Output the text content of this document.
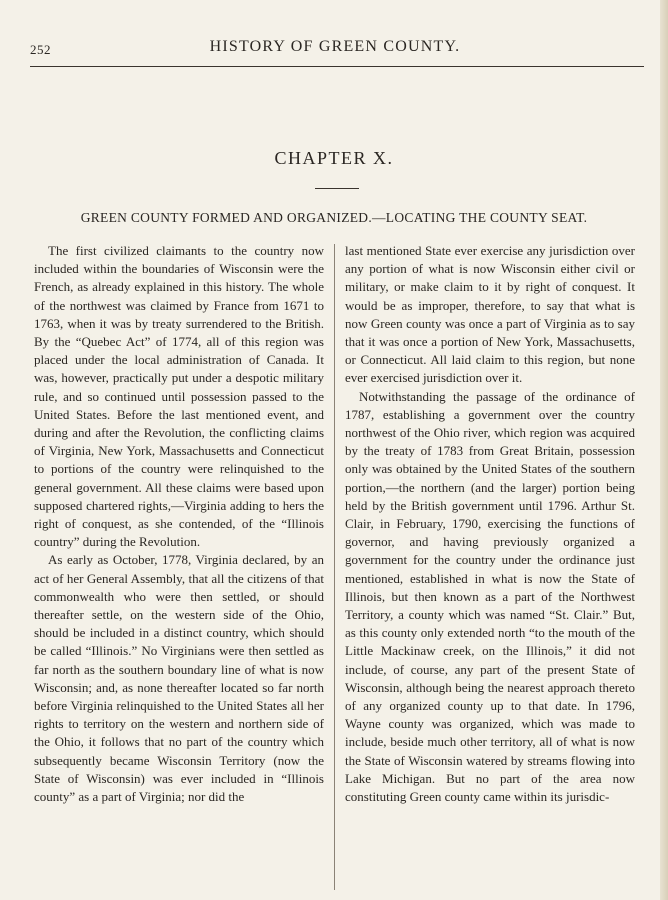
252	HISTORY OF GREEN COUNTY.
CHAPTER X.
GREEN COUNTY FORMED AND ORGANIZED.—LOCATING THE COUNTY SEAT.

The first civilized claimants to the country now included within the boundaries of Wisconsin were the French, as already explained in this history. The whole of the northwest was claimed by France from 1671 to 1763, when it was by treaty surrendered to the British. By the “Quebec Act” of 1774, all of this region was placed under the local administration of Canada. It was, however, practically put under a despotic military rule, and so continued until possession passed to the United States. Before the last mentioned event, and during and after the Revolution, the conflicting claims of Virginia, New York, Massachusetts and Connecticut to portions of the country were relinquished to the general government. All these claims were based upon supposed chartered rights,—Virginia adding to hers the right of conquest, as she contended, of the “Illinois country” during the Revolution.

As early as October, 1778, Virginia declared, by an act of her General Assembly, that all the citizens of that commonwealth who were then settled, or should thereafter settle, on the western side of the Ohio, should be included in a distinct country, which should be called “Illinois.” No Virginians were then settled as far north as the southern boundary line of what is now Wisconsin; and, as none thereafter located so far north before Virginia relinquished to the United States all her rights to territory on the western and northern side of the Ohio, it follows that no part of the country which subsequently became Wisconsin Territory (now the State of Wisconsin) was ever included in “Illinois county” as a part of Virginia; nor did the

last mentioned State ever exercise any jurisdiction over any portion of what is now Wisconsin either civil or military, or make claim to it by right of conquest. It would be as improper, therefore, to say that what is now Green county was once a part of Virginia as to say that it was once a portion of New York, Massachusetts, or Connecticut. All laid claim to this region, but none ever exercised jurisdiction over it.

Notwithstanding the passage of the ordinance of 1787, establishing a government over the country northwest of the Ohio river, which region was acquired by the treaty of 1783 from Great Britain, possession only was obtained by the United States of the southern portion,—the northern (and the larger) portion being held by the British government until 1796. Arthur St. Clair, in February, 1790, exercising the functions of governor, and having previously organized a government for the country under the ordinance just mentioned, established in what is now the State of Illinois, but then known as a part of the Northwest Territory, a county which was named “St. Clair.” But, as this county only extended north “to the mouth of the Little Mackinaw creek, on the Illinois,” it did not include, of course, any part of the present State of Wisconsin, although being the nearest approach thereto of any organized county up to that date. In 1796, Wayne county was organized, which was made to include, beside much other territory, all of what is now the State of Wisconsin watered by streams flowing into Lake Michigan. But no part of the area now constituting Green county came within its jurisdic-
